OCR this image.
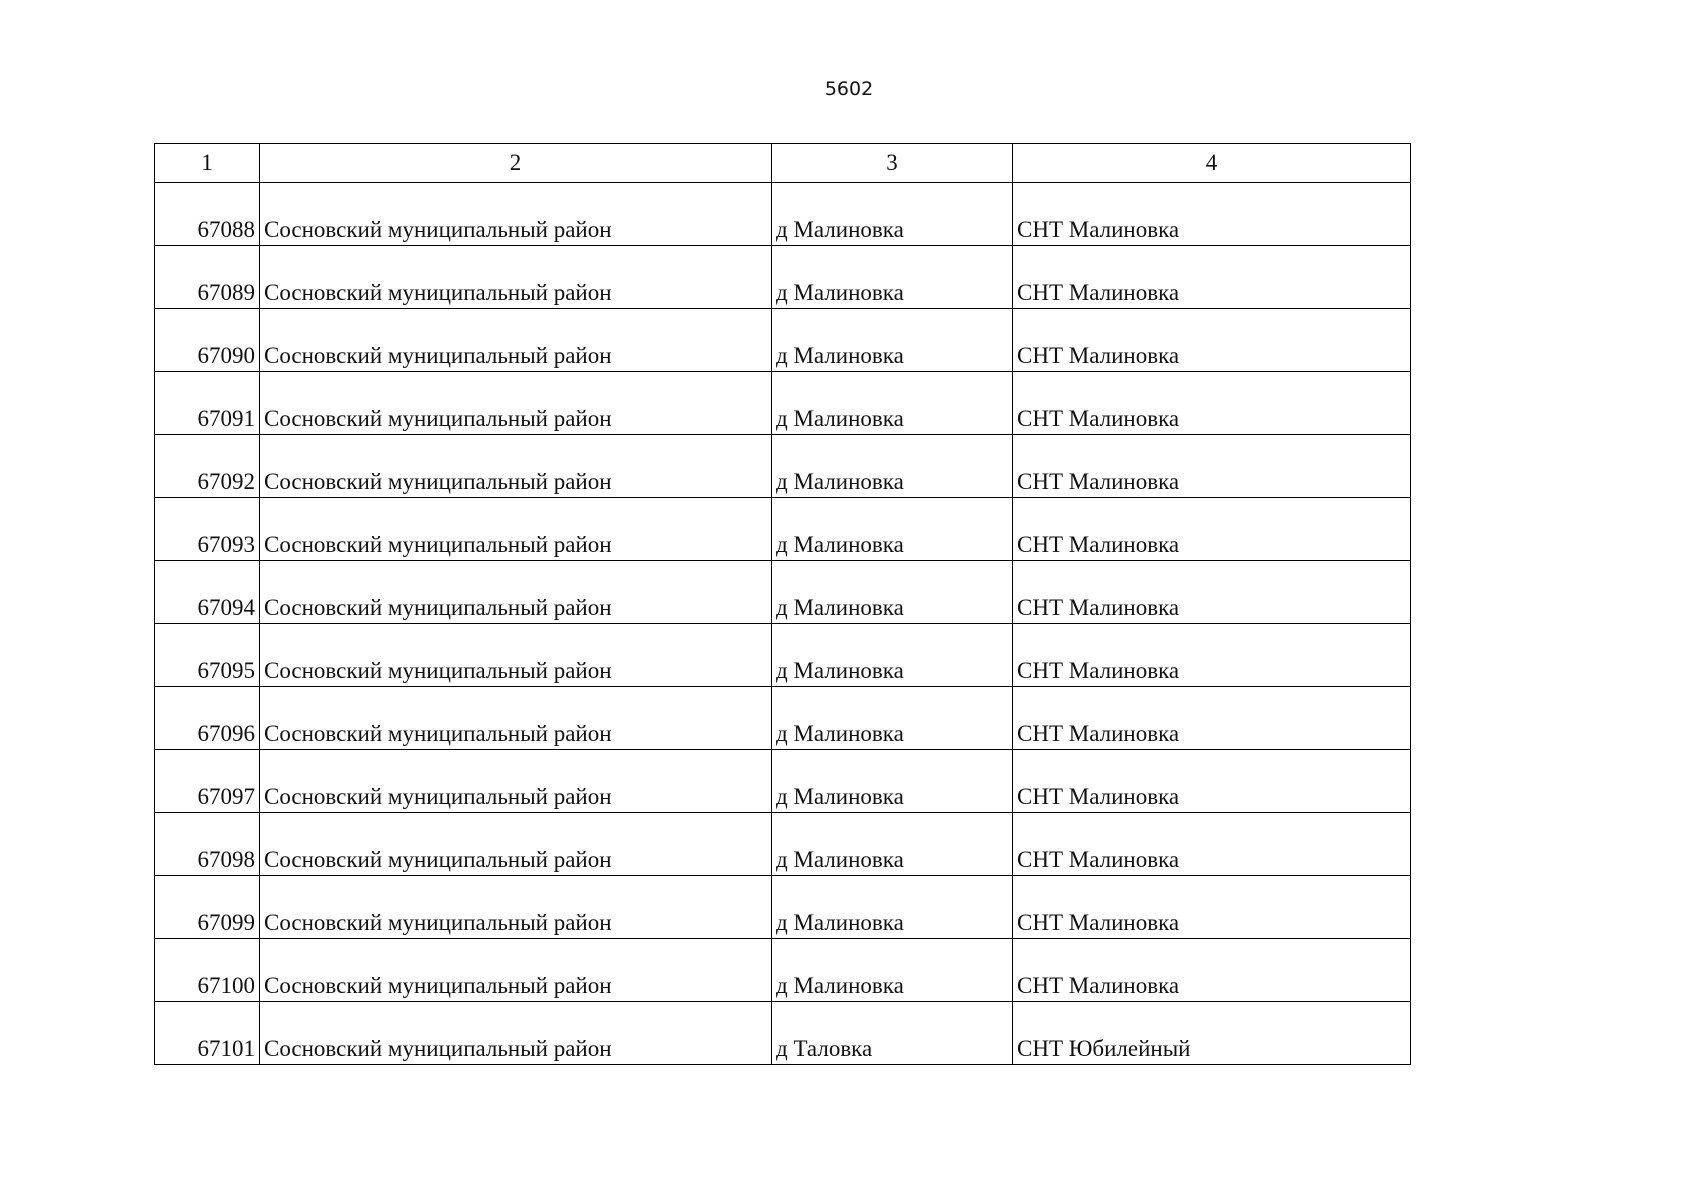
5602
1	2	3	4
67088	Сосновский муниципальный район	д Малиновка	СНТ Малиновка
67089	Сосновский муниципальный район	д Малиновка	СНТ Малиновка
67090	Сосновский муниципальный район	д Малиновка	СНТ Малиновка
67091	Сосновский муниципальный район	д Малиновка	СНТ Малиновка
67092	Сосновский муниципальный район	д Малиновка	СНТ Малиновка
67093	Сосновский муниципальный район	д Малиновка	СНТ Малиновка
67094	Сосновский муниципальный район	д Малиновка	СНТ Малиновка
67095	Сосновский муниципальный район	д Малиновка	СНТ Малиновка
67096	Сосновский муниципальный район	д Малиновка	СНТ Малиновка
67097	Сосновский муниципальный район	д Малиновка	СНТ Малиновка
67098	Сосновский муниципальный район	д Малиновка	СНТ Малиновка
67099	Сосновский муниципальный район	д Малиновка	СНТ Малиновка
67100	Сосновский муниципальный район	д Малиновка	СНТ Малиновка
67101	Сосновский муниципальный район	д Таловка	СНТ Юбилейный
